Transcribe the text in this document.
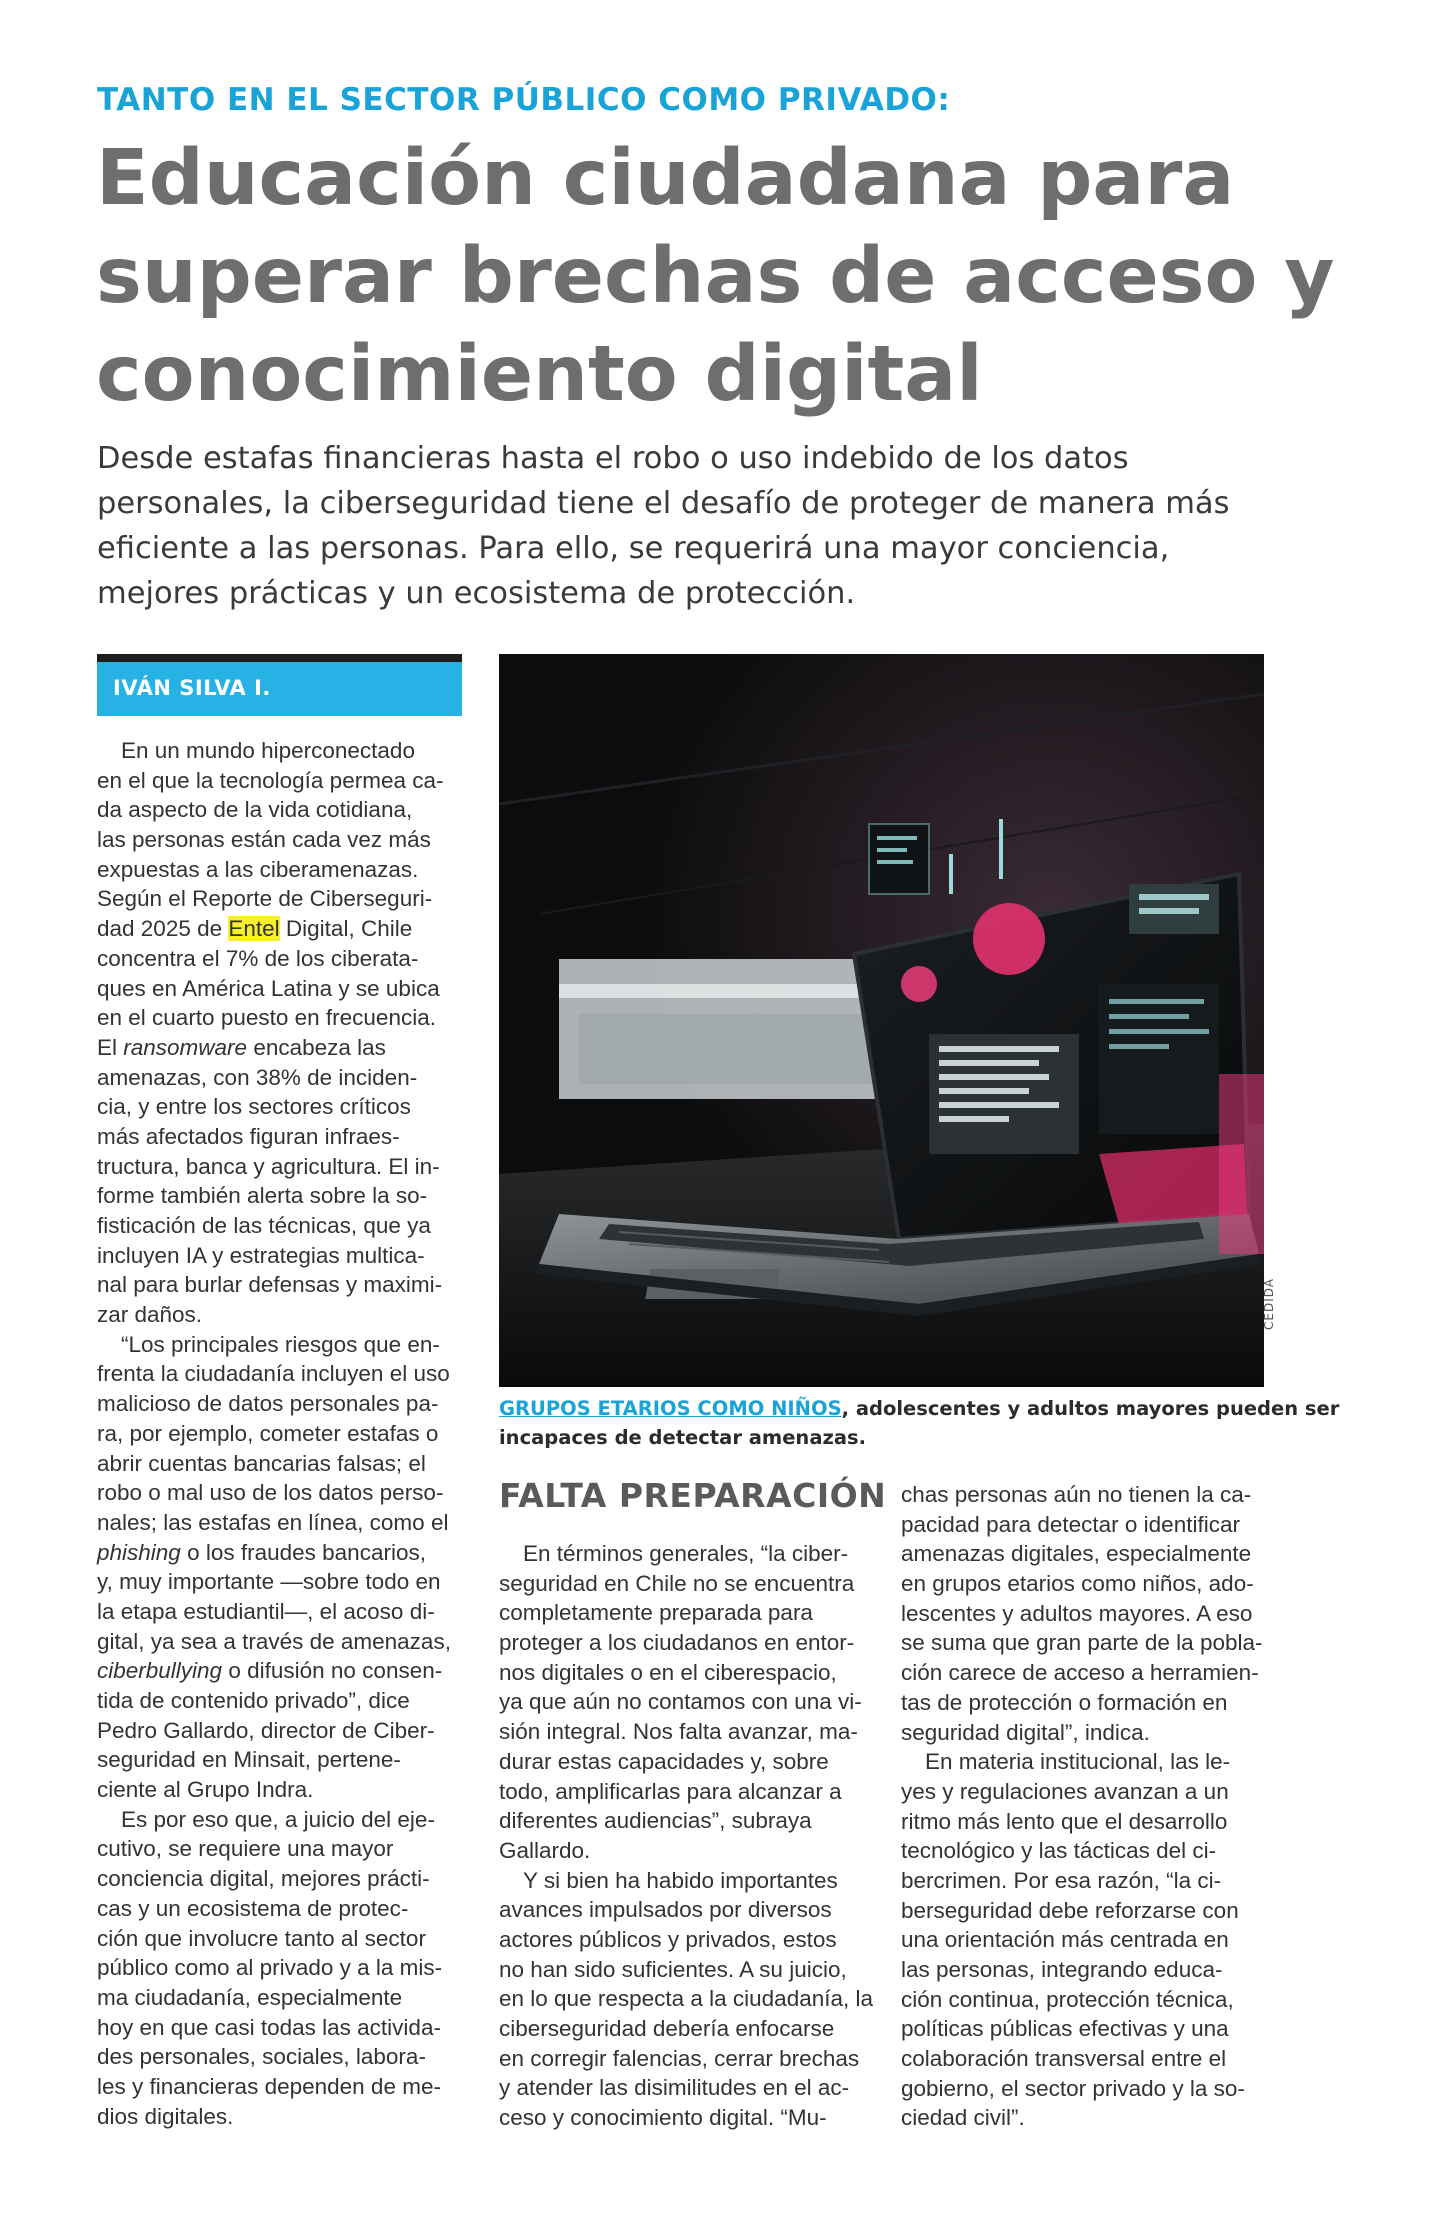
TANTO EN EL SECTOR PÚBLICO COMO PRIVADO:
Educación ciudadana para
superar brechas de acceso y
conocimiento digital
Desde estafas financieras hasta el robo o uso indebido de los datos
personales, la ciberseguridad tiene el desafío de proteger de manera más
eficiente a las personas. Para ello, se requerirá una mayor conciencia,
mejores prácticas y un ecosistema de protección.
IVÁN SILVA I.
En un mundo hiperconectado
en el que la tecnología permea ca-
da aspecto de la vida cotidiana,
las personas están cada vez más
expuestas a las ciberamenazas.
Según el Reporte de Ciberseguri-
dad 2025 de Entel Digital, Chile
concentra el 7% de los ciberata-
ques en América Latina y se ubica
en el cuarto puesto en frecuencia.
El ransomware encabeza las
amenazas, con 38% de inciden-
cia, y entre los sectores críticos
más afectados figuran infraes-
tructura, banca y agricultura. El in-
forme también alerta sobre la so-
fisticación de las técnicas, que ya
incluyen IA y estrategias multica-
nal para burlar defensas y maximi-
zar daños.
“Los principales riesgos que en-
frenta la ciudadanía incluyen el uso
malicioso de datos personales pa-
ra, por ejemplo, cometer estafas o
abrir cuentas bancarias falsas; el
robo o mal uso de los datos perso-
nales; las estafas en línea, como el
phishing o los fraudes bancarios,
y, muy importante —sobre todo en
la etapa estudiantil—, el acoso di-
gital, ya sea a través de amenazas,
ciberbullying o difusión no consen-
tida de contenido privado”, dice
Pedro Gallardo, director de Ciber-
seguridad en Minsait, pertene-
ciente al Grupo Indra.
Es por eso que, a juicio del eje-
cutivo, se requiere una mayor
conciencia digital, mejores prácti-
cas y un ecosistema de protec-
ción que involucre tanto al sector
público como al privado y a la mis-
ma ciudadanía, especialmente
hoy en que casi todas las activida-
des personales, sociales, labora-
les y financieras dependen de me-
dios digitales.
CEDIDA
GRUPOS ETARIOS COMO NIÑOS, adolescentes y adultos mayores pueden ser
incapaces de detectar amenazas.
FALTA PREPARACIÓN
En términos generales, “la ciber-
seguridad en Chile no se encuentra
completamente preparada para
proteger a los ciudadanos en entor-
nos digitales o en el ciberespacio,
ya que aún no contamos con una vi-
sión integral. Nos falta avanzar, ma-
durar estas capacidades y, sobre
todo, amplificarlas para alcanzar a
diferentes audiencias”, subraya
Gallardo.
Y si bien ha habido importantes
avances impulsados por diversos
actores públicos y privados, estos
no han sido suficientes. A su juicio,
en lo que respecta a la ciudadanía, la
ciberseguridad debería enfocarse
en corregir falencias, cerrar brechas
y atender las disimilitudes en el ac-
ceso y conocimiento digital. “Mu-
chas personas aún no tienen la ca-
pacidad para detectar o identificar
amenazas digitales, especialmente
en grupos etarios como niños, ado-
lescentes y adultos mayores. A eso
se suma que gran parte de la pobla-
ción carece de acceso a herramien-
tas de protección o formación en
seguridad digital”, indica.
En materia institucional, las le-
yes y regulaciones avanzan a un
ritmo más lento que el desarrollo
tecnológico y las tácticas del ci-
bercrimen. Por esa razón, “la ci-
berseguridad debe reforzarse con
una orientación más centrada en
las personas, integrando educa-
ción continua, protección técnica,
políticas públicas efectivas y una
colaboración transversal entre el
gobierno, el sector privado y la so-
ciedad civil”.
